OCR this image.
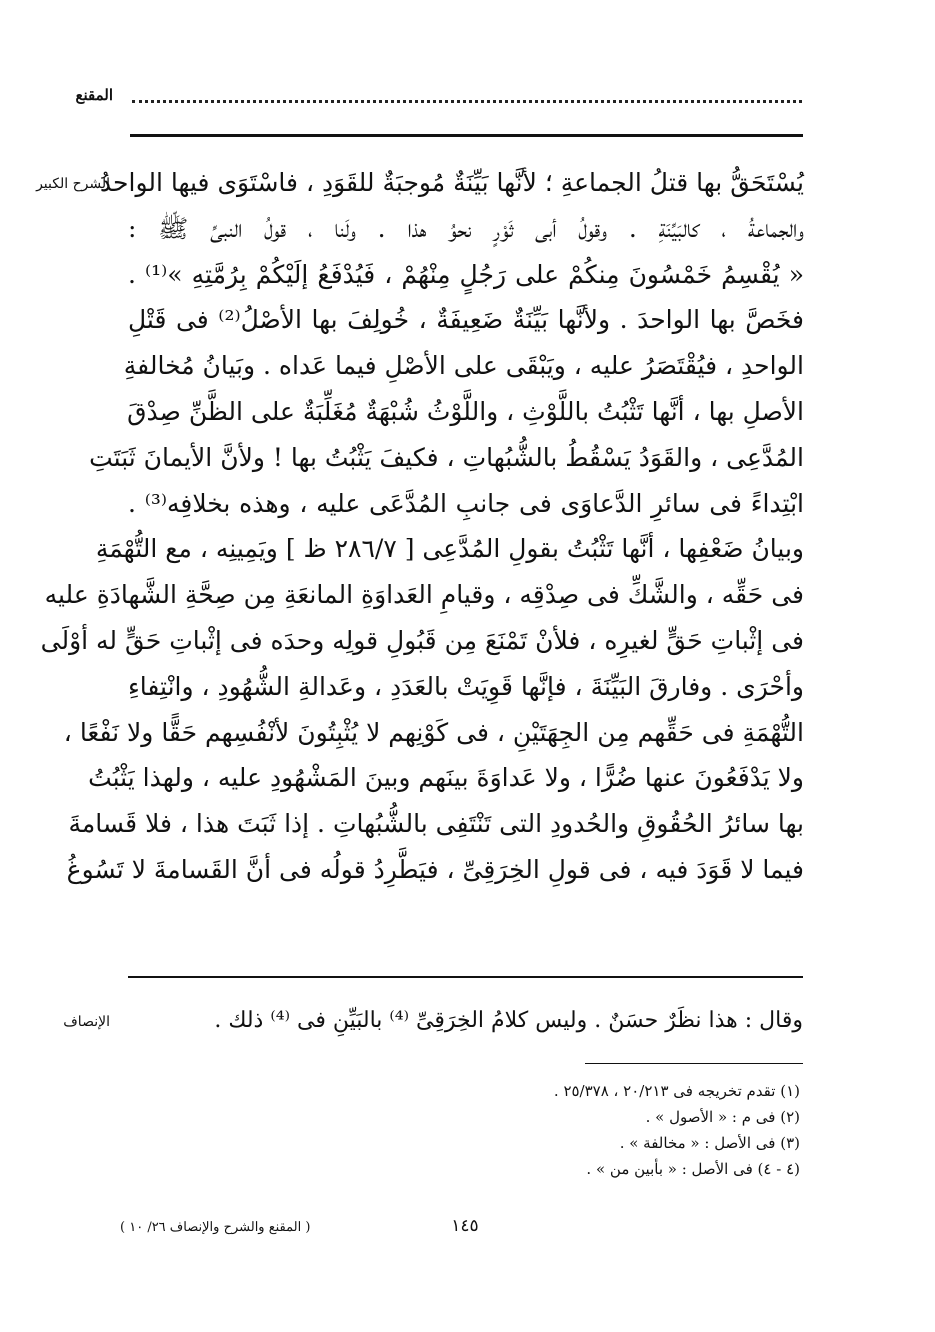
المقنع
الشرح الكبير
يُسْتَحَقُّ بها قتلُ الجماعةِ ؛ لأنَّها بَيِّنَةٌ مُوجبَةٌ للقَوَدِ ، فاسْتَوَى فيها الواحدُ
والجماعةُ ، كالبَيِّنَةِ . وقولُ أبى ثَوْرٍ نحوُ هذا . ولَنا ، قولُ النبىِّ ﷺ :
« يُقْسِمُ خَمْسُونَ مِنكُمْ على رَجُلٍ مِنْهُمْ ، فَيُدْفَعُ إلَيْكُمْ بِرُمَّتِهِ »⁽¹⁾ .
فخَصَّ بها الواحدَ . ولأنَّها بَيِّنَةٌ ضَعِيفَةٌ ، خُولِفَ بها الأصْلُ⁽²⁾ فى قَتْلِ
الواحدِ ، فيُقْتَصَرُ عليه ، ويَبْقَى على الأصْلِ فيما عَداه . وبَيانُ مُخالفةِ
الأصلِ بها ، أنَّها تَثْبُتُ باللَّوْثِ ، واللَّوْثُ شُبْهَةٌ مُغَلِّبَةٌ على الظَّنِّ صِدْقَ
المُدَّعِى ، والقَوَدُ يَسْقُطُ بالشُّبُهاتِ ، فكيفَ يَثْبُتُ بها ! ولأنَّ الأيمانَ ثَبَتَتِ
ابْتِداءً فى سائرِ الدَّعاوَى فى جانبِ المُدَّعَى عليه ، وهذه بخلافِه⁽³⁾ .
وبيانُ ضَعْفِها ، أنَّها تَثْبُتُ بقولِ المُدَّعِى [ ٢٨٦/٧ ظ ] ويَمِينِه ، مع التُّهْمَةِ
فى حَقِّه ، والشَّكِّ فى صِدْقِه ، وقيامِ العَداوَةِ المانعَةِ مِن صِحَّةِ الشَّهادَةِ عليه
فى إثْباتِ حَقٍّ لغيرِه ، فلأنْ تَمْنَعَ مِن قَبُولِ قولِه وحدَه فى إثْباتِ حَقٍّ له أوْلَى
وأحْرَى . وفارقَ البَيِّنَةَ ، فإنَّها قَوِيَتْ بالعَدَدِ ، وعَدالةِ الشُّهُودِ ، وانْتِفاءِ
التُّهْمَةِ فى حَقِّهم مِن الجِهَتَيْنِ ، فى كَوْنِهم لا يُثْبِتُونَ لأنْفُسِهم حَقًّا ولا نَفْعًا ،
ولا يَدْفَعُونَ عنها ضُرًّا ، ولا عَداوَةَ بينَهم وبينَ المَشْهُودِ عليه ، ولهذا يَثْبُتُ
بها سائرُ الحُقُوقِ والحُدودِ التى تَنْتَفِى بالشُّبُهاتِ . إذا ثَبَتَ هذا ، فلا قَسامةَ
فيما لا قَوَدَ فيه ، فى قولِ الخِرَقِىِّ ، فيَطَّرِدُ قولُه فى أنَّ القَسامةَ لا تَسُوغُ
الإنصاف	وقال : هذا نظَرٌ حسَنٌ . وليس كلامُ الخِرَقِىِّ ⁽⁴⁾ بالبَيِّنِ فى ⁽⁴⁾ ذلك .
(١) تقدم تخريجه فى ٢٠/٢١٣ ، ٢٥/٣٧٨ .
(٢) فى م : « الأصول » .
(٣) فى الأصل : « مخالفة » .
(٤ - ٤) فى الأصل : « بأبين من » .
١٤٥
( المقنع والشرح والإنصاف ٢٦/ ١٠ )
